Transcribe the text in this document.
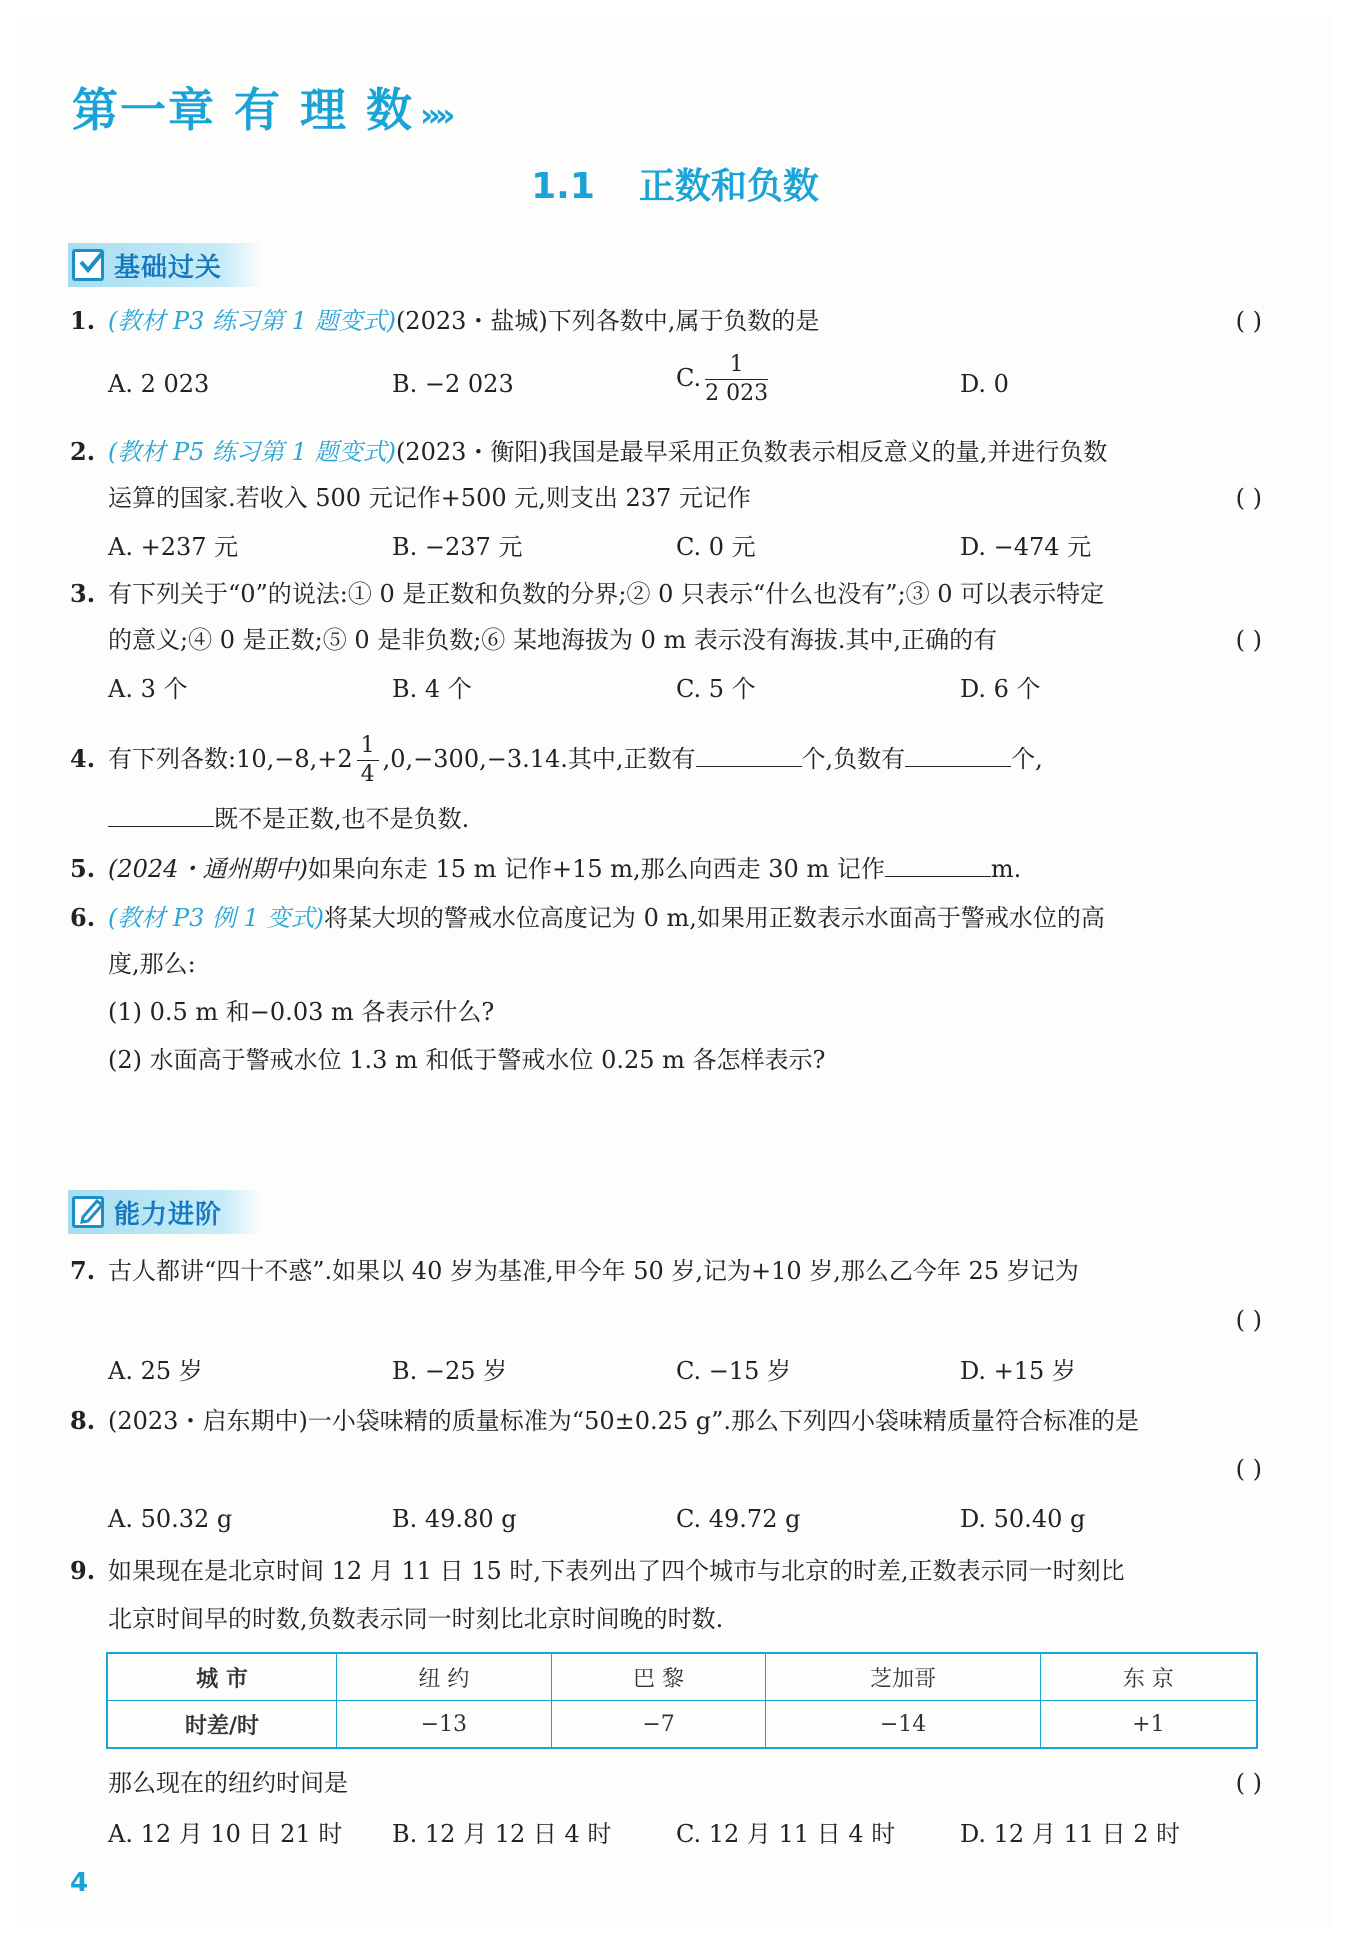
第一章 有 理 数 »»
1.1 正数和负数
基础过关
1. (教材 P3 练习第 1 题变式)(2023・盐城)下列各数中,属于负数的是	( )
A. 2 023	B. −2 023	C. $\frac{1}{2 023}$	D. 0
2. (教材 P5 练习第 1 题变式)(2023・衡阳)我国是最早采用正负数表示相反意义的量,并进行负数
运算的国家.若收入 500 元记作+500 元,则支出 237 元记作	( )
A. +237 元	B. −237 元	C. 0 元	D. −474 元
3. 有下列关于“0”的说法:① 0 是正数和负数的分界;② 0 只表示“什么也没有”;③ 0 可以表示特定
的意义;④ 0 是正数;⑤ 0 是非负数;⑥ 某地海拔为 0 m 表示没有海拔.其中,正确的有	( )
A. 3 个	B. 4 个	C. 5 个	D. 6 个
4. 有下列各数:10,−8,+2 $\frac{1}{4} ,0,-300,-3.14$.其中,正数有	个,负数有	个,
既不是正数,也不是负数.
5. (2024・通州期中)如果向东走 15 m 记作+15 m,那么向西走 30 m 记作	m.
6. (教材 P3 例 1 变式)将某大坝的警戒水位高度记为 0 m,如果用正数表示水面高于警戒水位的高
度,那么:
(1) 0.5 m 和−0.03 m 各表示什么?
(2) 水面高于警戒水位 1.3 m 和低于警戒水位 0.25 m 各怎样表示?
能力进阶
7. 古人都讲“四十不惑”.如果以 40 岁为基准,甲今年 50 岁,记为+10 岁,那么乙今年 25 岁记为
( )
A. 25 岁	B. −25 岁	C. −15 岁	D. +15 岁
8. (2023・启东期中)一小袋味精的质量标准为“50±0.25 g”.那么下列四小袋味精质量符合标准的是
( )
A. 50.32 g	B. 49.80 g	C. 49.72 g	D. 50.40 g
9. 如果现在是北京时间 12 月 11 日 15 时,下表列出了四个城市与北京的时差,正数表示同一时刻比
北京时间早的时数,负数表示同一时刻比北京时间晚的时数.
城 市	纽 约	巴 黎	芝加哥	东 京
时差/时	−13	−7	−14	+1
那么现在的纽约时间是	( )
A. 12 月 10 日 21 时 B. 12 月 12 日 4 时	C. 12 月 11 日 4 时	D. 12 月 11 日 2 时
4
